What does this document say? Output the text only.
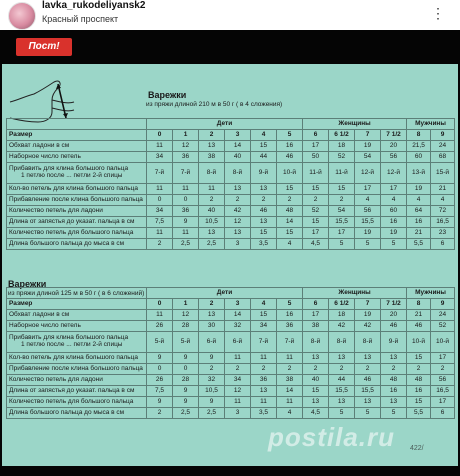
lavka_rukodeliyansk2
Красный проспект	⋮
Пост!
Варежки
из пряжи длиной 210 м в 50 г ( в 4 сложения)
	Дети						Женщины				Мужчины	
Размер	0	1	2	3	4	5	6	6 1/2	7	7 1/2	8	9

Обхват ладони в см	11	12	13	14	15	16	17	18	19	20	21,5	24

Наборное число петель	34	36	38	40	44	46	50	52	54	56	60	68

Прибавить для клина большого пальца
1 петлю после ... петли 2-й спицы	7-й	7-й	8-й	8-й	9-й	10-й	11-й	11-й	12-й	12-й	13-й	15-й

Кол-во петель для клина большого пальца	11	11	11	13	13	15	15	15	17	17	19	21

Прибавление после клина большого пальца	0	0	2	2	2	2	2	2	4	4	4	4

Количество петель для ладони	34	36	40	42	46	48	52	54	56	60	64	72

Длина от запястья до указат. пальца в см	7,5	9	10,5	12	13	14	15	15,5	15,5	16	16	16,5

Количество петель для большого пальца	11	11	13	13	15	15	17	17	19	19	21	23

Длина большого пальца до мыса в см	2	2,5	2,5	3	3,5	4	4,5	5	5	5	5,5	6
Варежки
из пряжи длиной 125 м в 50 г ( в 6 сложений)
		Дети						Женщины				Мужчины	
Размер	0	1	2	3	4	5	6	6 1/2	7	7 1/2	8	9

Обхват ладони в см	11	12	13	14	15	16	17	18	19	20	21	24

Наборное число петель	26	28	30	32	34	36	38	42	42	46	46	52

Прибавить для клина большого пальца
1 петлю после ... петли 2-й спицы	5-й	5-й	6-й	6-й	7-й	7-й	8-й	8-й	8-й	9-й	10-й	10-й

Кол-во петель для клина большого пальца	9	9	9	11	11	11	13	13	13	13	15	17

Прибавление после клина большого пальца	0	0	2	2	2	2	2	2	2	2	2	2

Количество петель для ладони	26	28	32	34	36	38	40	44	46	48	48	56

Длина от запястья до указат. пальца в см	7,5	9	10,5	12	13	14	15	15,5	15,5	16	16	16,5

Количество петель для большого пальца	9	9	9	11	11	11	13	13	13	13	15	17

Длина большого пальца до мыса в см	2	2,5	2,5	3	3,5	4	4,5	5	5	5	5,5	6
postila.ru 422/
